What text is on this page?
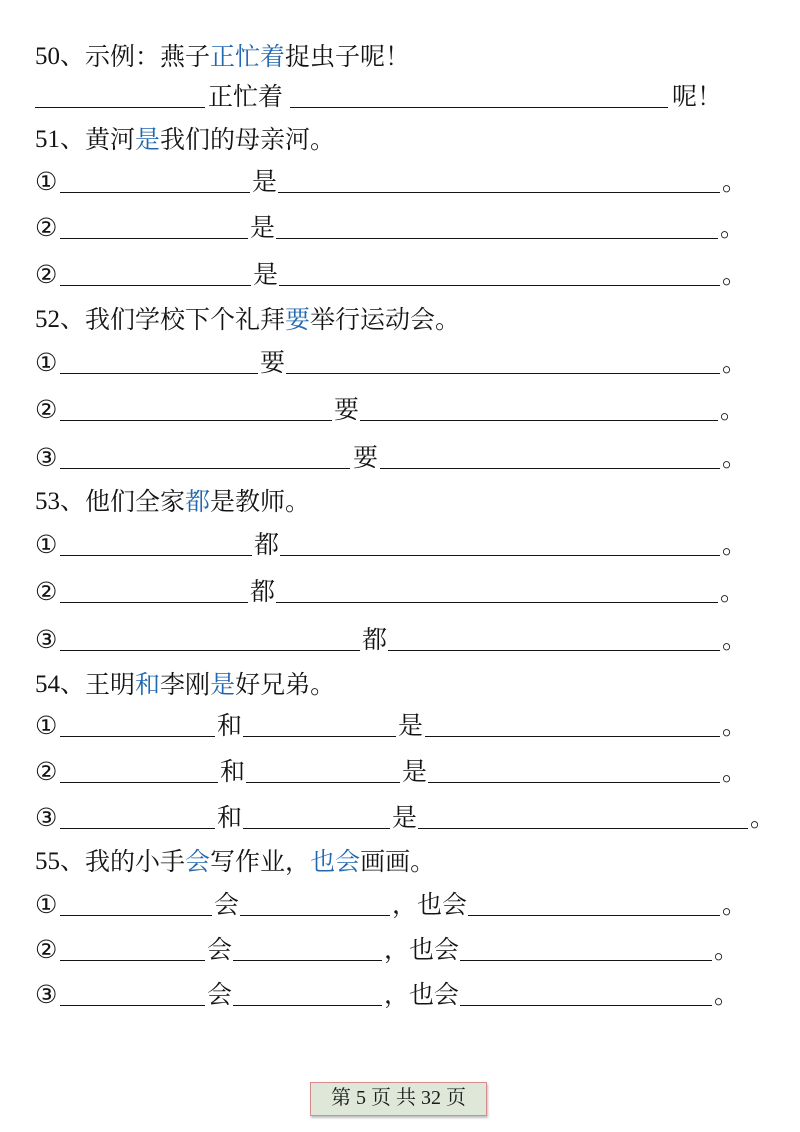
50、 示例：燕子 正忙着 捉虫子呢！
正忙着	呢！
51、 黄河 是 我们的母亲河。
①	是	。
②	是	。
②	是	。
52、 我们学校下个礼拜 要 举行运动会。
①	要	。
②	要	。
③	要	。
53、 他们全家 都 是教师。
①	都	。
②	都	。
③	都	。
54、 王明 和 李刚 是 好兄弟。
①	和	是	。
②	和	是	。
③	和	是	。
55、 我的小手 会 写作业， 也会 画画。
①	会	，也会	。
②	会	，也会	。
③	会	，也会	。
第 5 页 共 32 页
